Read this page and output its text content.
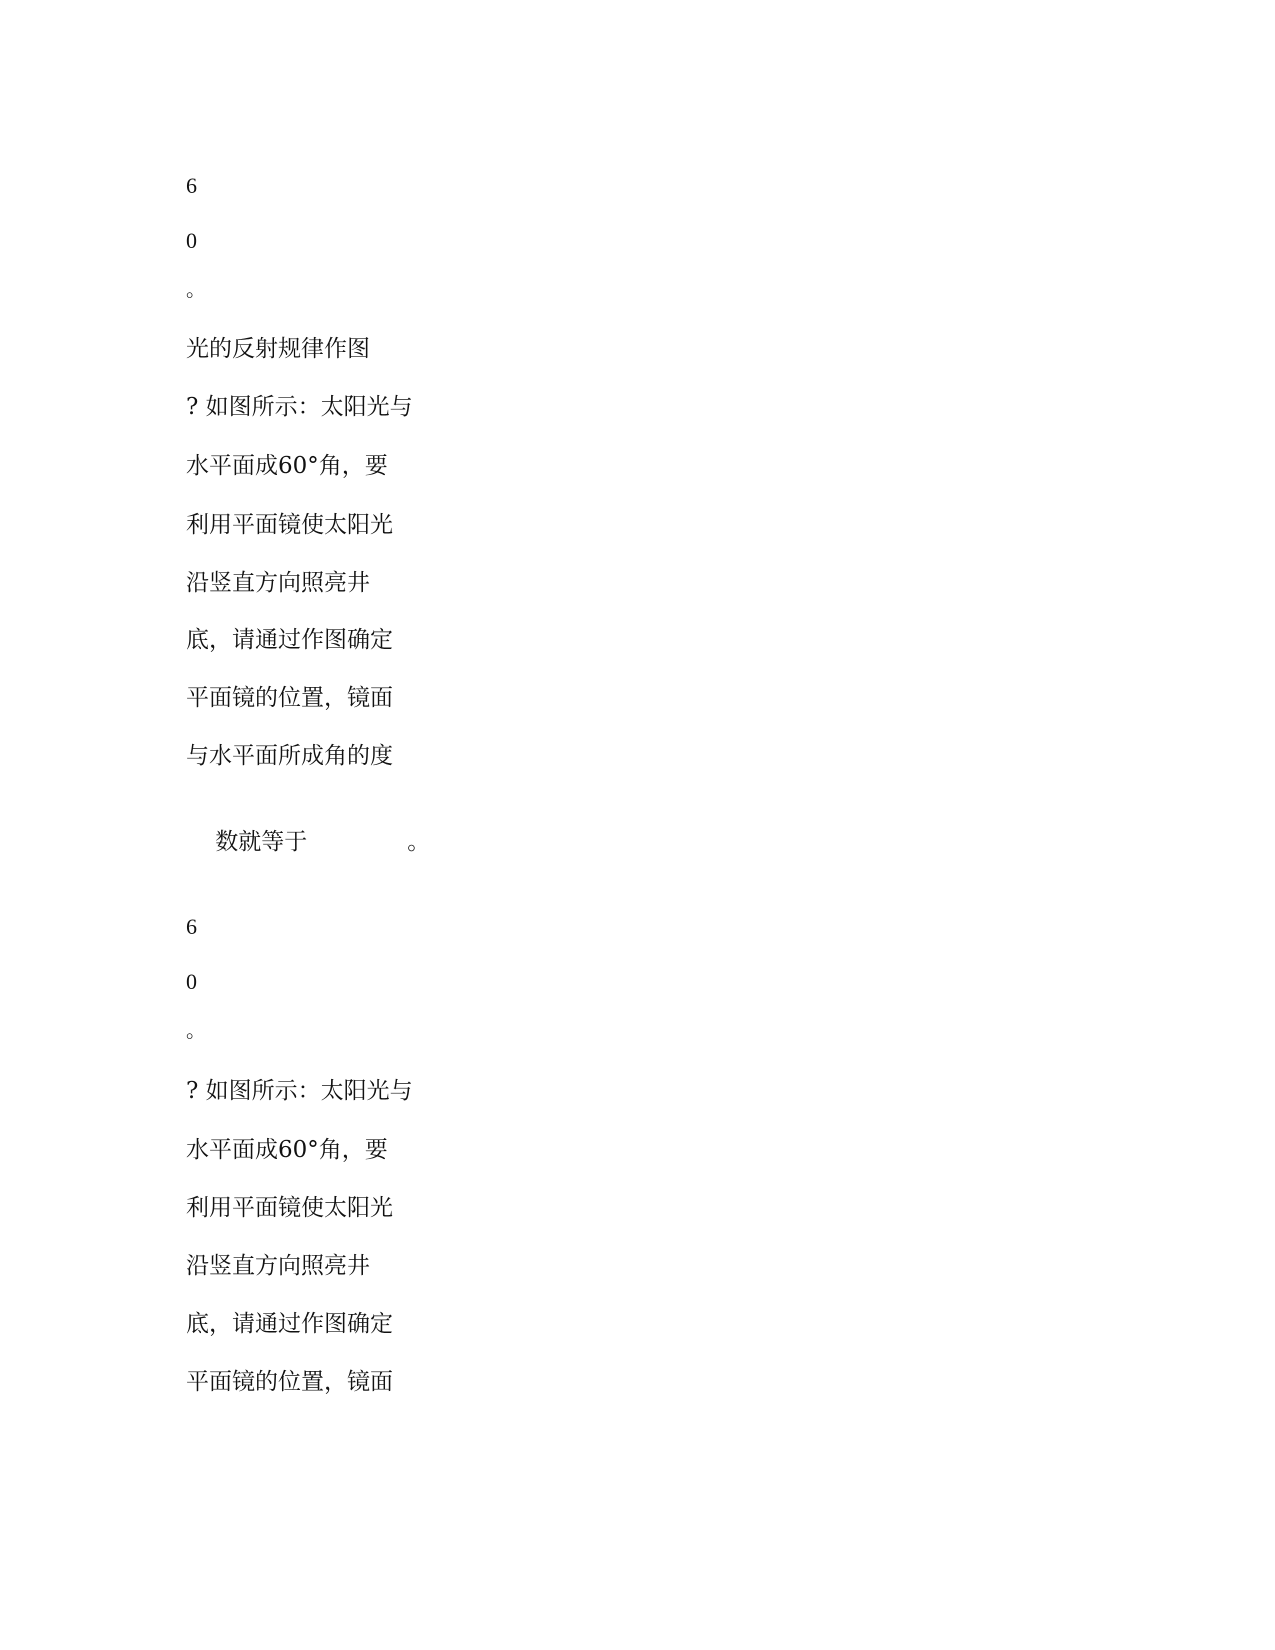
6
0
。
光的反射规律作图
? 如图所示：太阳光与
水平面成60°角，要
利用平面镜使太阳光
沿竖直方向照亮井
底，请通过作图确定
平面镜的位置，镜面
与水平面所成角的度

数就等于	。

6
0
。
? 如图所示：太阳光与
水平面成60°角，要
利用平面镜使太阳光
沿竖直方向照亮井
底，请通过作图确定
平面镜的位置，镜面
